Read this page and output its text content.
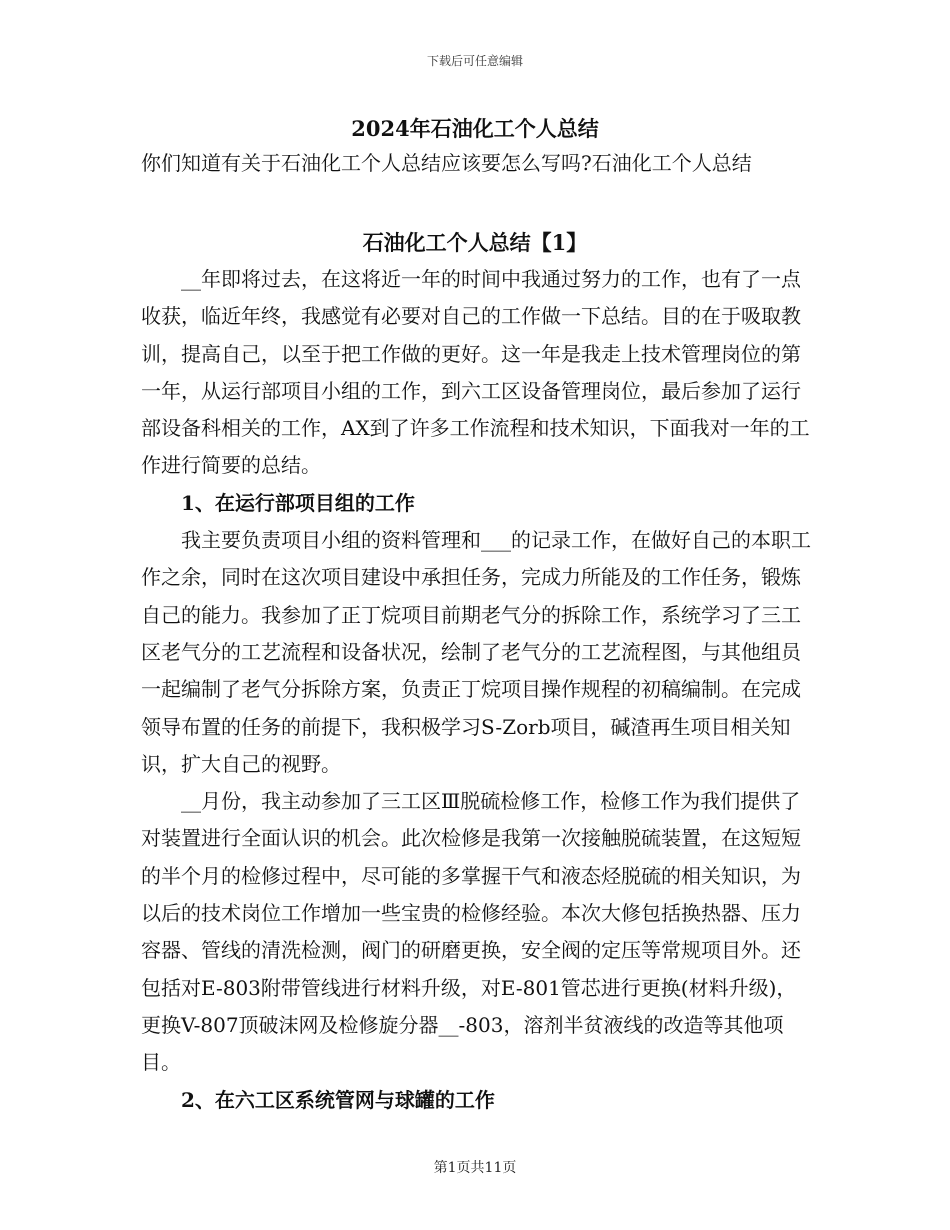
下载后可任意编辑
2024年石油化工个人总结

你们知道有关于石油化工个人总结应该要怎么写吗?石油化工个人总结

石油化工个人总结【1】

__年即将过去，在这将近一年的时间中我通过努力的工作，也有了一点收获，临近年终，我感觉有必要对自己的工作做一下总结。目的在于吸取教训，提高自己，以至于把工作做的更好。这一年是我走上技术管理岗位的第一年，从运行部项目小组的工作，到六工区设备管理岗位，最后参加了运行部设备科相关的工作，AX到了许多工作流程和技术知识，下面我对一年的工作进行简要的总结。

1、在运行部项目组的工作

我主要负责项目小组的资料管理和___的记录工作，在做好自己的本职工作之余，同时在这次项目建设中承担任务，完成力所能及的工作任务，锻炼自己的能力。我参加了正丁烷项目前期老气分的拆除工作，系统学习了三工区老气分的工艺流程和设备状况，绘制了老气分的工艺流程图，与其他组员一起编制了老气分拆除方案，负责正丁烷项目操作规程的初稿编制。在完成领导布置的任务的前提下，我积极学习S-Zorb项目，碱渣再生项目相关知识，扩大自己的视野。

__月份，我主动参加了三工区Ⅲ脱硫检修工作，检修工作为我们提供了对装置进行全面认识的机会。此次检修是我第一次接触脱硫装置，在这短短的半个月的检修过程中，尽可能的多掌握干气和液态烃脱硫的相关知识，为以后的技术岗位工作增加一些宝贵的检修经验。本次大修包括换热器、压力容器、管线的清洗检测，阀门的研磨更换，安全阀的定压等常规项目外。还包括对E-803附带管线进行材料升级，对E-801管芯进行更换(材料升级)，更换V-807顶破沫网及检修旋分器__-803，溶剂半贫液线的改造等其他项目。

2、在六工区系统管网与球罐的工作
第1页共11页
